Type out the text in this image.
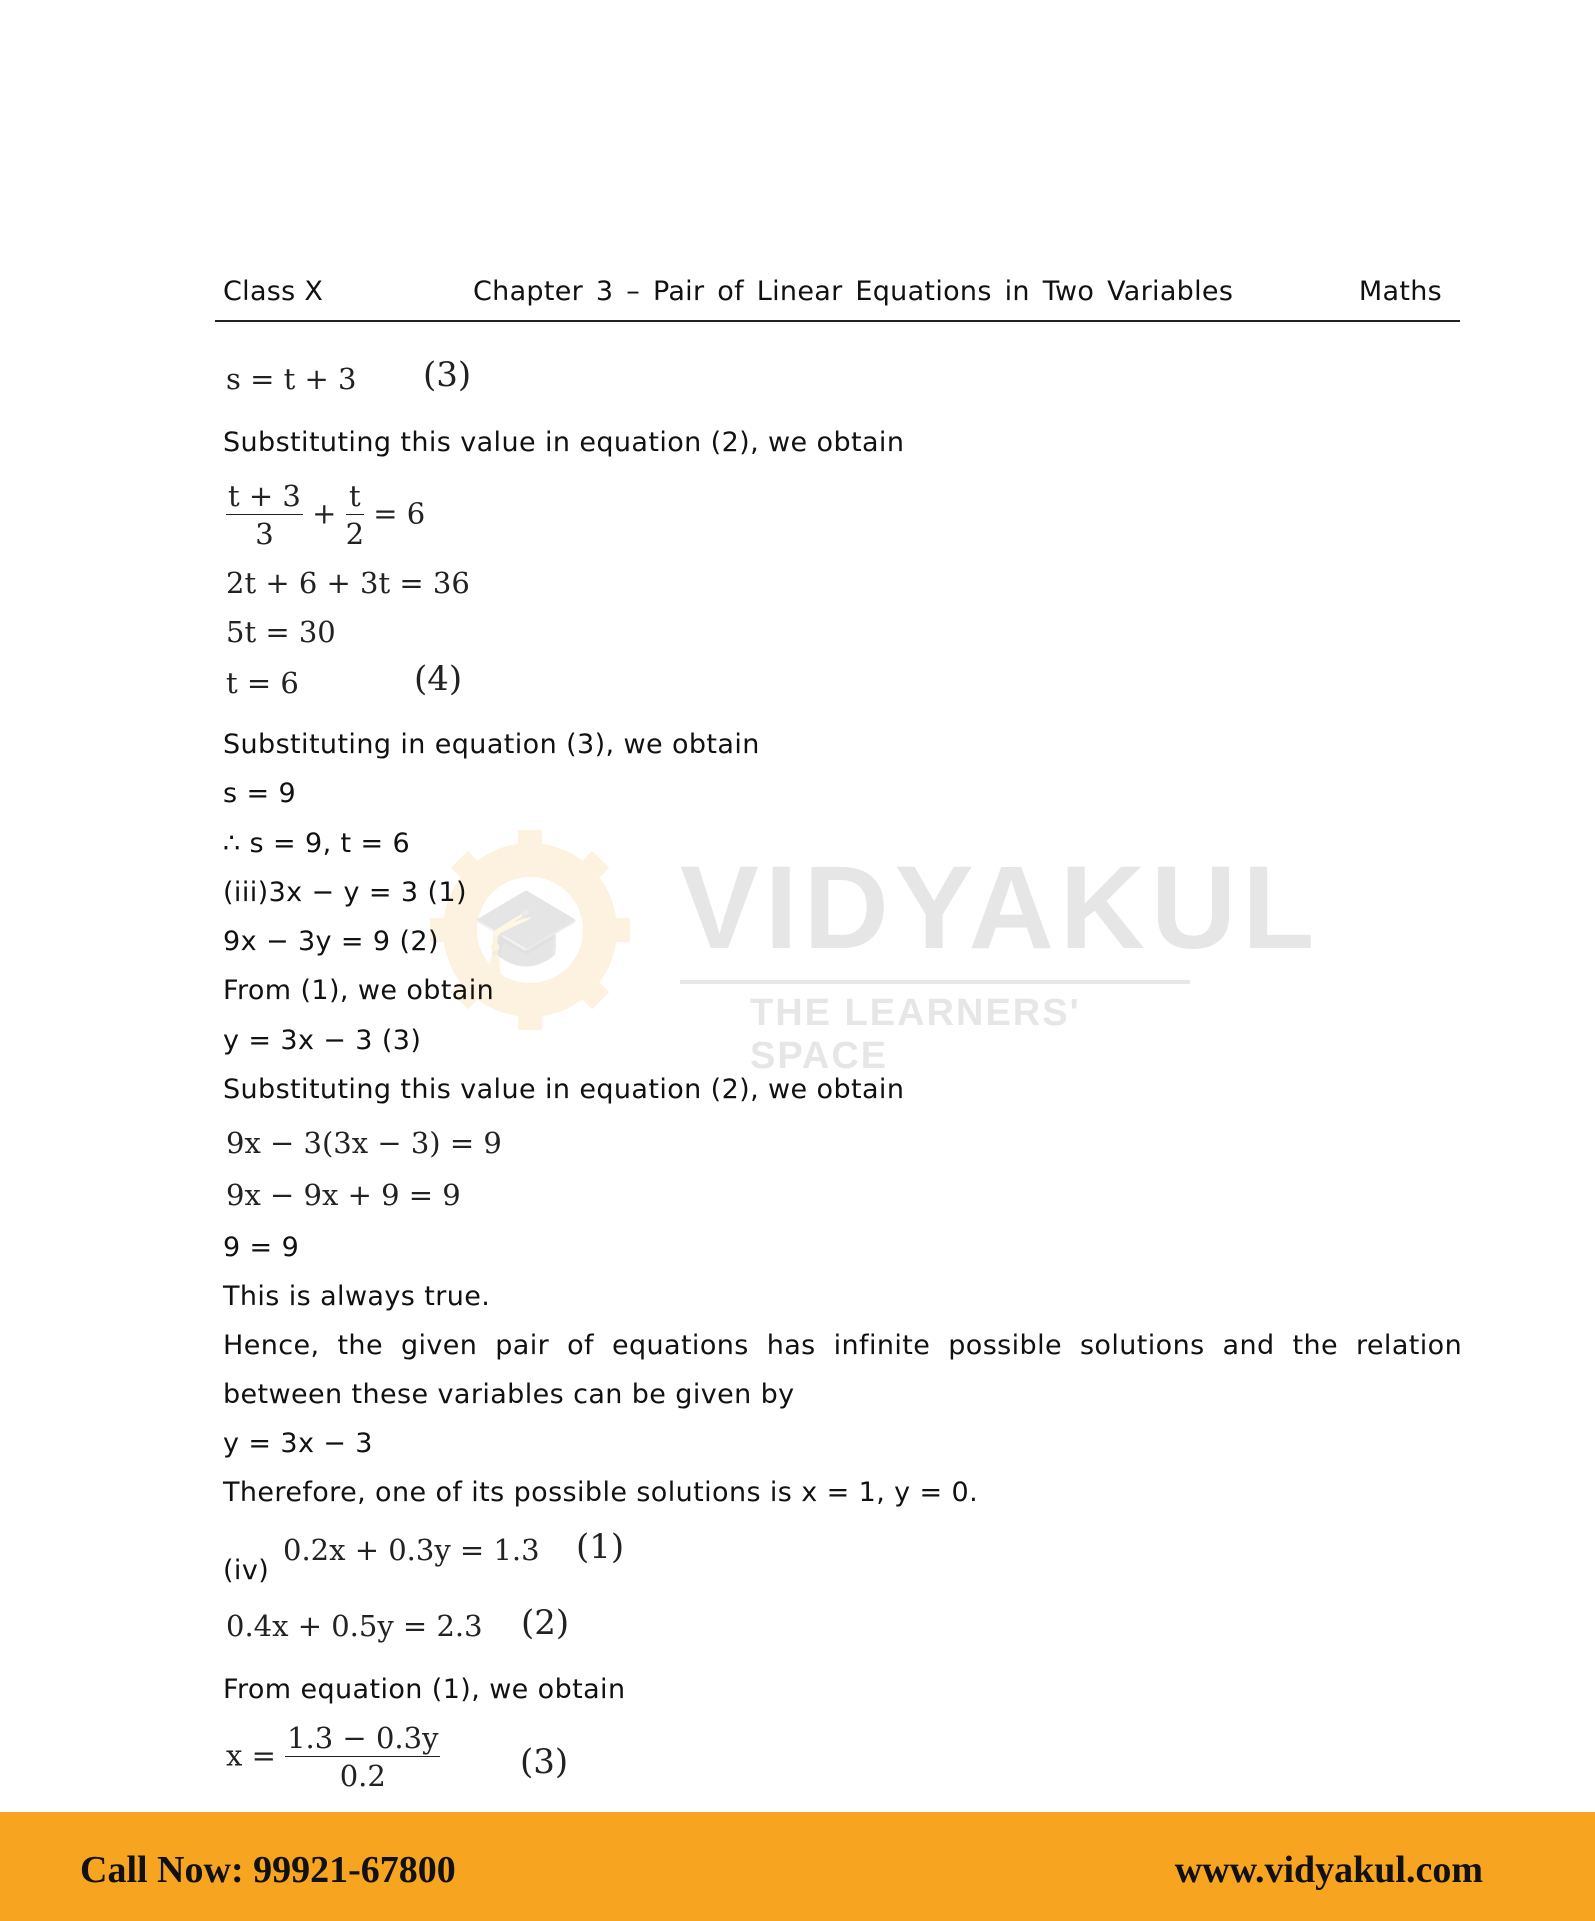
Class X	Chapter 3 – Pair of Linear Equations in Two Variables	Maths
🎓 VIDYAKUL
THE LEARNERS' SPACE
s = t + 3 (3)
Substituting this value in equation (2), we obtain
$\frac{t + 3}{3} + \frac{t}{2} = 6$
2t + 6 + 3t = 36
5t = 30
t = 6	(4)
Substituting in equation (3), we obtain
s = 9
∴ s = 9, t = 6
(iii)3x − y = 3 (1)
9x − 3y = 9 (2)
From (1), we obtain
y = 3x − 3 (3)
Substituting this value in equation (2), we obtain
9x − 3(3x − 3) = 9
9x − 9x + 9 = 9
9 = 9
This is always true.
Hence, the given pair of equations has infinite possible solutions and the relation
between these variables can be given by
y = 3x − 3
Therefore, one of its possible solutions is x = 1, y = 0.
(iv)
0.2x + 0.3y = 1.3 (1)
0.4x + 0.5y = 2.3 (2)
From equation (1), we obtain
$x = \frac{1.3 - 0.3y}{0.2} (3)$
Call Now: 99921-67800	www.vidyakul.com
